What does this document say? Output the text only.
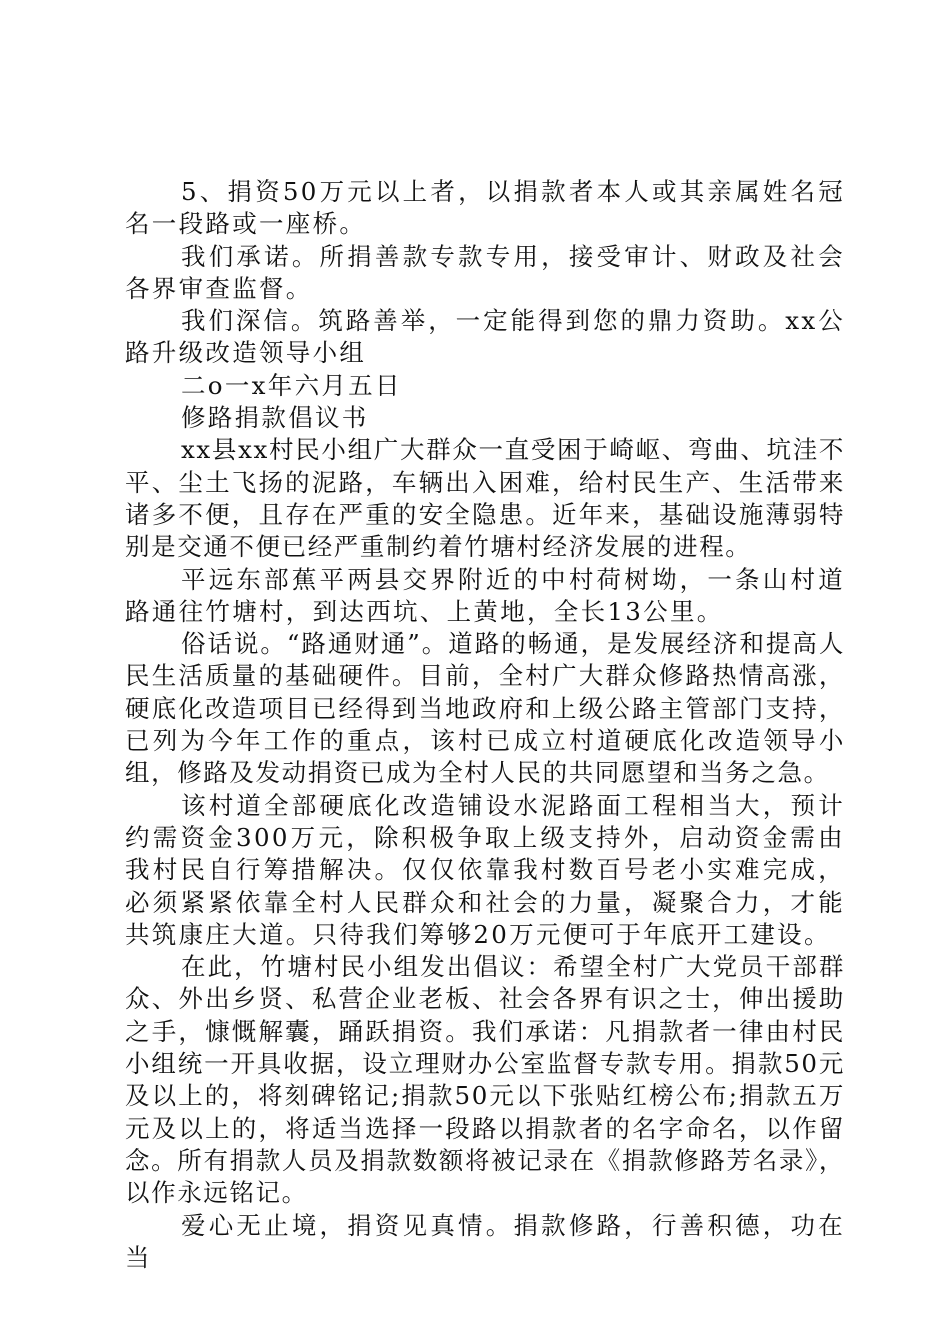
5、捐资50万元以上者，以捐款者本人或其亲属姓名冠名一段路或一座桥。

我们承诺。所捐善款专款专用，接受审计、财政及社会各界审查监督。

我们深信。筑路善举，一定能得到您的鼎力资助。xx公路升级改造领导小组

二o一x年六月五日

修路捐款倡议书

xx县xx村民小组广大群众一直受困于崎岖、弯曲、坑洼不平、尘土飞扬的泥路，车辆出入困难，给村民生产、生活带来诸多不便，且存在严重的安全隐患。近年来，基础设施薄弱特别是交通不便已经严重制约着竹塘村经济发展的进程。

平远东部蕉平两县交界附近的中村荷树坳，一条山村道路通往竹塘村，到达西坑、上黄地，全长13公里。

俗话说。“路通财通”。道路的畅通，是发展经济和提高人民生活质量的基础硬件。目前，全村广大群众修路热情高涨，硬底化改造项目已经得到当地政府和上级公路主管部门支持，已列为今年工作的重点，该村已成立村道硬底化改造领导小组，修路及发动捐资已成为全村人民的共同愿望和当务之急。

该村道全部硬底化改造铺设水泥路面工程相当大，预计约需资金300万元，除积极争取上级支持外，启动资金需由我村民自行筹措解决。仅仅依靠我村数百号老小实难完成，必须紧紧依靠全村人民群众和社会的力量，凝聚合力，才能共筑康庄大道。只待我们筹够20万元便可于年底开工建设。

在此，竹塘村民小组发出倡议：希望全村广大党员干部群众、外出乡贤、私营企业老板、社会各界有识之士，伸出援助之手，慷慨解囊，踊跃捐资。我们承诺：凡捐款者一律由村民小组统一开具收据，设立理财办公室监督专款专用。捐款50元及以上的，将刻碑铭记;捐款50元以下张贴红榜公布;捐款五万元及以上的，将适当选择一段路以捐款者的名字命名，以作留念。所有捐款人员及捐款数额将被记录在《捐款修路芳名录》，以作永远铭记。

爱心无止境，捐资见真情。捐款修路，行善积德，功在当
